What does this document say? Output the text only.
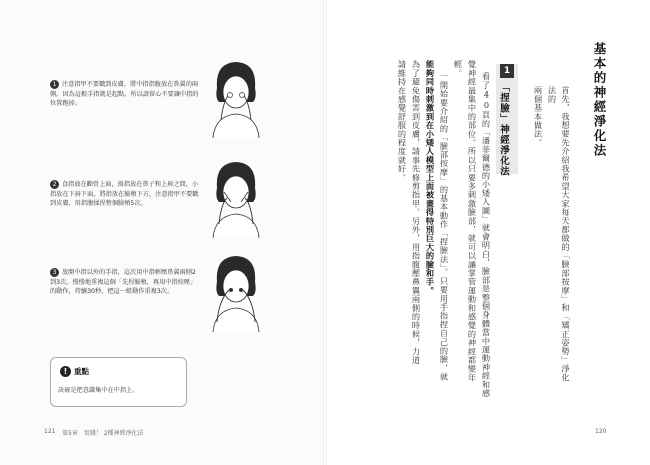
基本的神經淨化法
首先，我想要先介紹我希望大家每天都做的「臉部按摩」和「矯正姿勢」淨化法的
兩個基本做法。
1
「捏臉」神經淨化法
看了40頁的「潘菲爾德的小矮人圖」就會明白，臉部是整個身體當中運動神經和感
覺神經最集中的部位。所以只要多刺激臉部，就可以讓掌管運動和感覺的神經都變年
輕。
一開始要介紹的「臉部按摩」的基本動作「捏臉法」。只要用手指捏自己的臉，就
能夠同時刺激到在小矮人模型上面被畫得特別巨大的臉和手。
為了避免傷害到皮膚，請事先修剪指甲。另外，用指腹壓鼻翼兩側的時候，力道
請維持在感覺舒服的程度就好。
120
1 注意指甲不要戳到皮膚，將中指指腹放在鼻翼的兩側。因為這根手指就是起點，所以請留心不要讓中指的位置跑掉。
2 食指放在顴骨上面，拇指放在鼻子和上唇之間，小指放在下唇下面，將指放在臉頰下方，注意指甲不要戳到皮膚，用指腹揉捏整個臉頰5次。
3 放開中指以外的手指，這次用中指輕壓鼻翼兩側2到3次。慢慢地重複這個「先捏臉頰，再用中指按壓」的動作，持續30秒，把這一組動作重複3次。
! 重點
訣竅是把意識集中在中指上。
121 第5章　實踐！ 2種神經淨化法
